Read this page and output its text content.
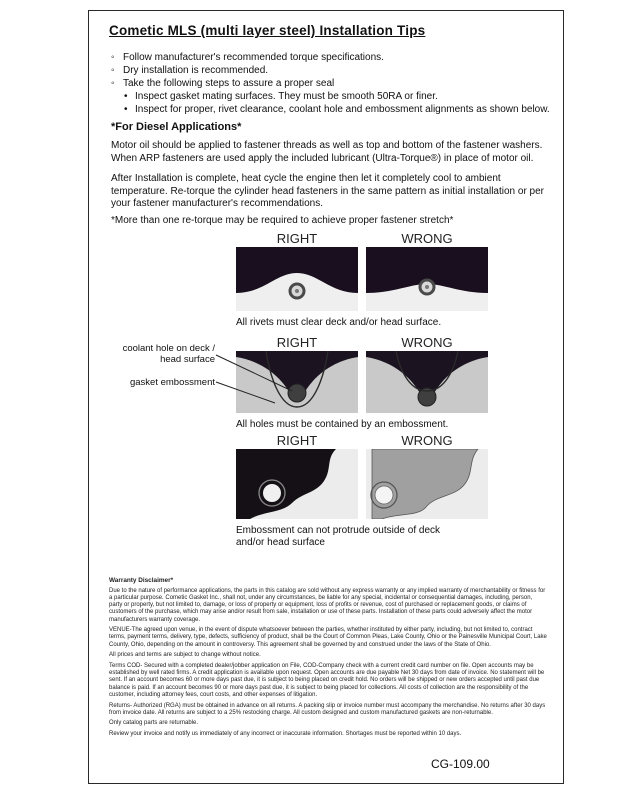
Cometic MLS (multi layer steel) Installation Tips
◦ Follow manufacturer's recommended torque specifications.
◦ Dry installation is recommended.
◦ Take the following steps to assure a proper seal
• Inspect gasket mating surfaces. They must be smooth 50RA or finer.
• Inspect for proper, rivet clearance, coolant hole and embossment alignments as shown below.
*For Diesel Applications*
Motor oil should be applied to fastener threads as well as top and bottom of the fastener washers. When ARP fasteners are used apply the included lubricant (Ultra-Torque®) in place of motor oil.
After Installation is complete, heat cycle the engine then let it completely cool to ambient temperature. Re-torque the cylinder head fasteners in the same pattern as initial installation or per your fastener manufacturer's recommendations.
*More than one re-torque may be required to achieve proper fastener stretch*
RIGHT	WRONG
All rivets must clear deck and/or head surface.
RIGHT	WRONG
coolant hole on deck / head surface
gasket embossment
All holes must be contained by an embossment.
RIGHT	WRONG
Embossment can not protrude outside of deck and/or head surface

Warranty Disclaimer*

Due to the nature of performance applications, the parts in this catalog are sold without any express warranty or any implied warranty of merchantability or fitness for a particular purpose. Cometic Gasket Inc., shall not, under any circumstances, be liable for any special, incidental or consequential damages, including, person, party or property, but not limited to, damage, or loss of property or equipment, loss of profits or revenue, cost of purchased or replacement goods, or claims of customers of the purchase, which may arise and/or result from sale, installation or use of these parts. Installation of these parts could adversely affect the motor manufacturers warranty coverage.

VENUE-The agreed upon venue, in the event of dispute whatsoever between the parties, whether instituted by either party, including, but not limited to, contract terms, payment terms, delivery, type, defects, sufficiency of product, shall be the Court of Common Pleas, Lake County, Ohio or the Painesville Municipal Court, Lake County, Ohio, depending on the amount in controversy. This agreement shall be governed by and construed under the laws of the State of Ohio.

All prices and terms are subject to change without notice.

Terms COD- Secured with a completed dealer/jobber application on File, COD-Company check with a current credit card number on file. Open accounts may be established by well rated firms. A credit application is available upon request. Open accounts are due payable Net 30 days from date of invoice. No statement will be sent. If an account becomes 60 or more days past due, it is subject to being placed on credit hold. No orders will be shipped or new orders accepted until past due balance is paid. If an account becomes 90 or more days past due, it is subject to being placed for collections. All costs of collection are the responsibility of the customer, including attorney fees, court costs, and other expenses of litigation.

Returns- Authorized (RGA) must be obtained in advance on all returns. A packing slip or invoice number must accompany the merchandise. No returns after 30 days from invoice date. All returns are subject to a 25% restocking charge. All custom designed and custom manufactured gaskets are non-returnable.

Only catalog parts are returnable.

Review your invoice and notify us immediately of any incorrect or inaccurate information. Shortages must be reported within 10 days.

CG-109.00
